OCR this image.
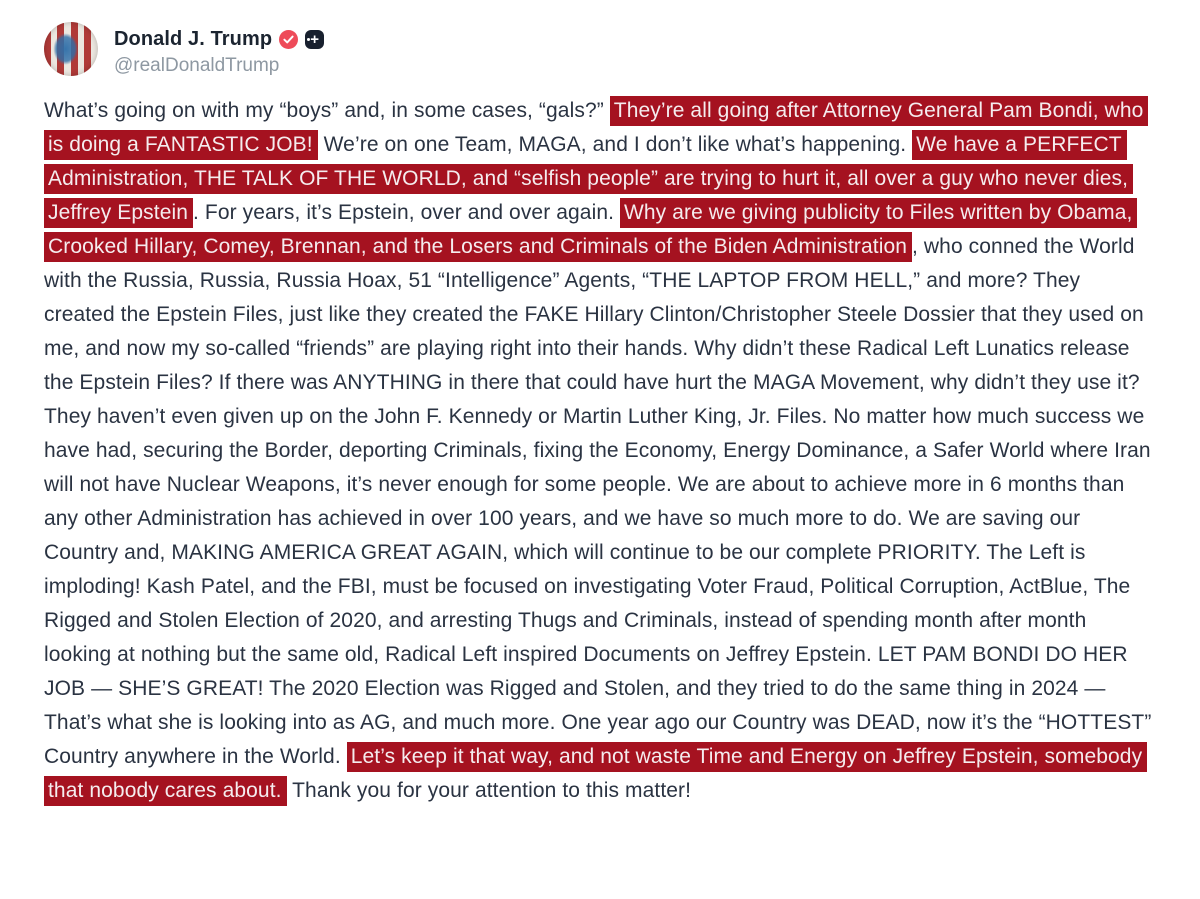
Donald J. Trump	+
@realDonaldTrump
What’s going on with my “boys” and, in some cases, “gals?” They’re all going after Attorney General Pam Bondi, who is doing a FANTASTIC JOB! We’re on one Team, MAGA, and I don’t like what’s happening. We have a PERFECT Administration, THE TALK OF THE WORLD, and “selfish people” are trying to hurt it, all over a guy who never dies, Jeffrey Epstein . For years, it’s Epstein, over and over again. Why are we giving publicity to Files written by Obama, Crooked Hillary, Comey, Brennan, and the Losers and Criminals of the Biden Administration , who conned the World with the Russia, Russia, Russia Hoax, 51 “Intelligence” Agents, “THE LAPTOP FROM HELL,” and more? They created the Epstein Files, just like they created the FAKE Hillary Clinton/Christopher Steele Dossier that they used on me, and now my so-called “friends” are playing right into their hands. Why didn’t these Radical Left Lunatics release the Epstein Files? If there was ANYTHING in there that could have hurt the MAGA Movement, why didn’t they use it? They haven’t even given up on the John F. Kennedy or Martin Luther King, Jr. Files. No matter how much success we have had, securing the Border, deporting Criminals, fixing the Economy, Energy Dominance, a Safer World where Iran will not have Nuclear Weapons, it’s never enough for some people. We are about to achieve more in 6 months than any other Administration has achieved in over 100 years, and we have so much more to do. We are saving our Country and, MAKING AMERICA GREAT AGAIN, which will continue to be our complete PRIORITY. The Left is imploding! Kash Patel, and the FBI, must be focused on investigating Voter Fraud, Political Corruption, ActBlue, The Rigged and Stolen Election of 2020, and arresting Thugs and Criminals, instead of spending month after month looking at nothing but the same old, Radical Left inspired Documents on Jeffrey Epstein. LET PAM BONDI DO HER JOB — SHE’S GREAT! The 2020 Election was Rigged and Stolen, and they tried to do the same thing in 2024 — That’s what she is looking into as AG, and much more. One year ago our Country was DEAD, now it’s the “HOTTEST” Country anywhere in the World. Let’s keep it that way, and not waste Time and Energy on Jeffrey Epstein, somebody that nobody cares about. Thank you for your attention to this matter!
